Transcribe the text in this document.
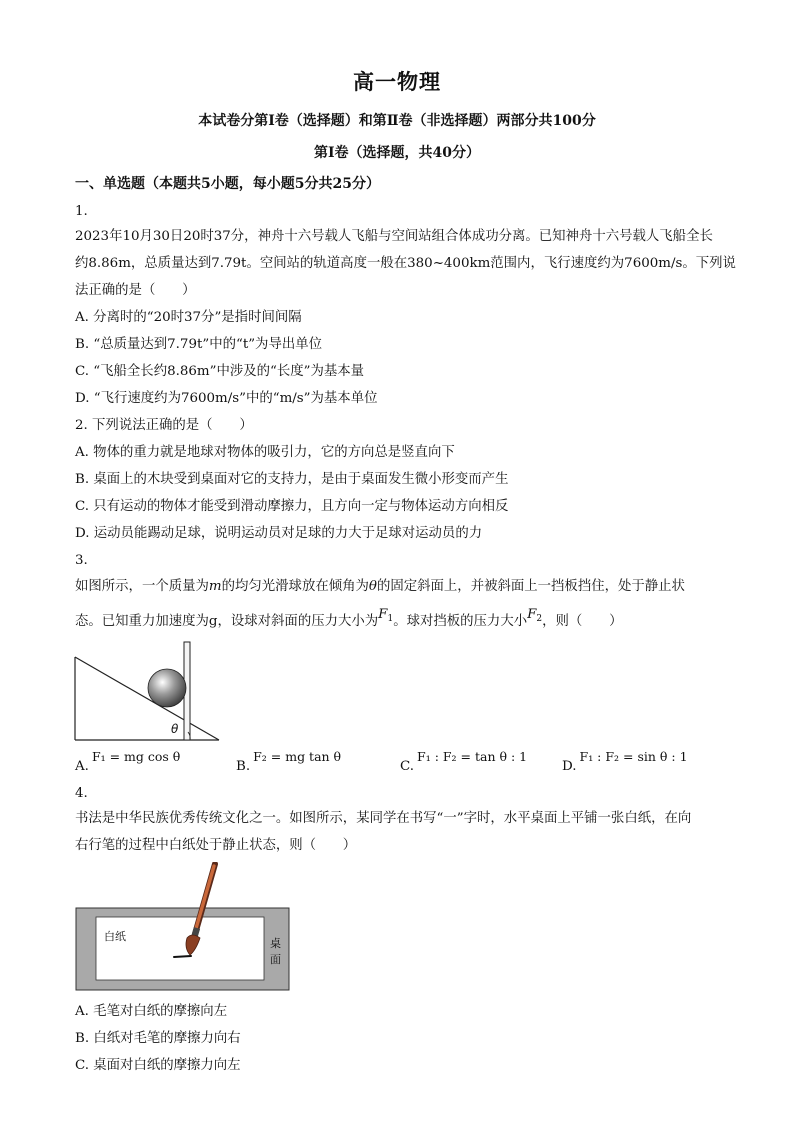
高一物理
本试卷分第Ⅰ卷（选择题）和第Ⅱ卷（非选择题）两部分共100分
第Ⅰ卷（选择题，共40分）
一、单选题（本题共5小题，每小题5分共25分）
1.
2023年10月30日20时37分，神舟十六号载人飞船与空间站组合体成功分离。已知神舟十六号载人飞船全长
约8.86m，总质量达到7.79t。空间站的轨道高度一般在380~400km范围内，飞行速度约为7600m/s。下列说
法正确的是（　　）
A. 分离时的“20时37分”是指时间间隔
B. “总质量达到7.79t”中的“t”为导出单位
C. “飞船全长约8.86m”中涉及的“长度”为基本量
D. “飞行速度约为7600m/s”中的“m/s”为基本单位
2. 下列说法正确的是（　　）
A. 物体的重力就是地球对物体的吸引力，它的方向总是竖直向下
B. 桌面上的木块受到桌面对它的支持力，是由于桌面发生微小形变而产生
C. 只有运动的物体才能受到滑动摩擦力，且方向一定与物体运动方向相反
D. 运动员能踢动足球，说明运动员对足球的力大于足球对运动员的力
3.
如图所示，一个质量为m的均匀光滑球放在倾角为θ的固定斜面上，并被斜面上一挡板挡住，处于静止状
态。已知重力加速度为g，设球对斜面的压力大小为$F_1$。球对挡板的压力大小$F_2$，则（　　）
θ
A.F₁ = mg cos θ
B.F₂ = mg tan θ
C.F₁ : F₂ = tan θ : 1
D.F₁ : F₂ = sin θ : 1
4.
书法是中华民族优秀传统文化之一。如图所示，某同学在书写“一”字时，水平桌面上平铺一张白纸，在向
右行笔的过程中白纸处于静止状态，则（　　）
白纸
桌
面
A. 毛笔对白纸的摩擦向左
B. 白纸对毛笔的摩擦力向右
C. 桌面对白纸的摩擦力向左
